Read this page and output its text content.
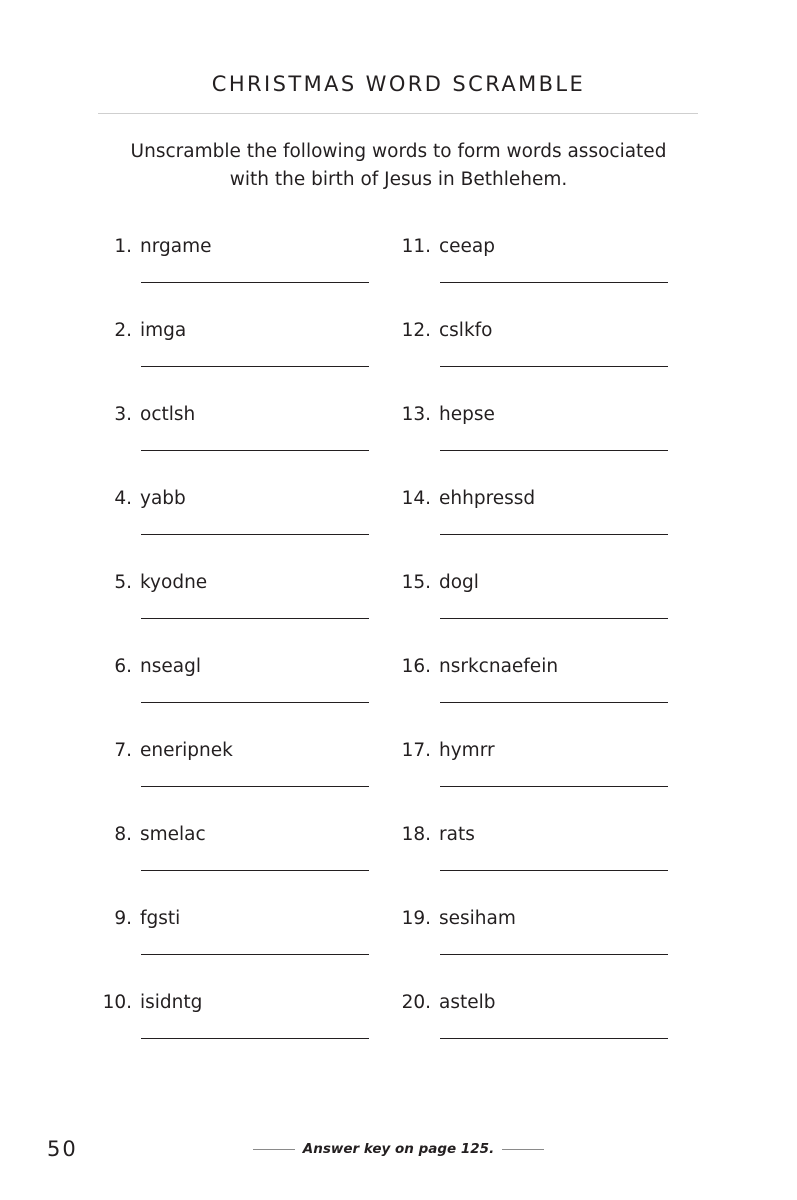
CHRISTMAS WORD SCRAMBLE

Unscramble the following words to form words associated
with the birth of Jesus in Bethlehem.

1. nrgame
2. imga
3. octlsh
4. yabb
5. kyodne
6. nseagl
7. eneripnek
8. smelac
9. fgsti
10. isidntg
11. ceeap
12. cslkfo
13. hepse
14. ehhpressd
15. dogl
16. nsrkcnaefein
17. hymrr
18. rats
19. sesiham
20. astelb
50	Answer key on page 125.
